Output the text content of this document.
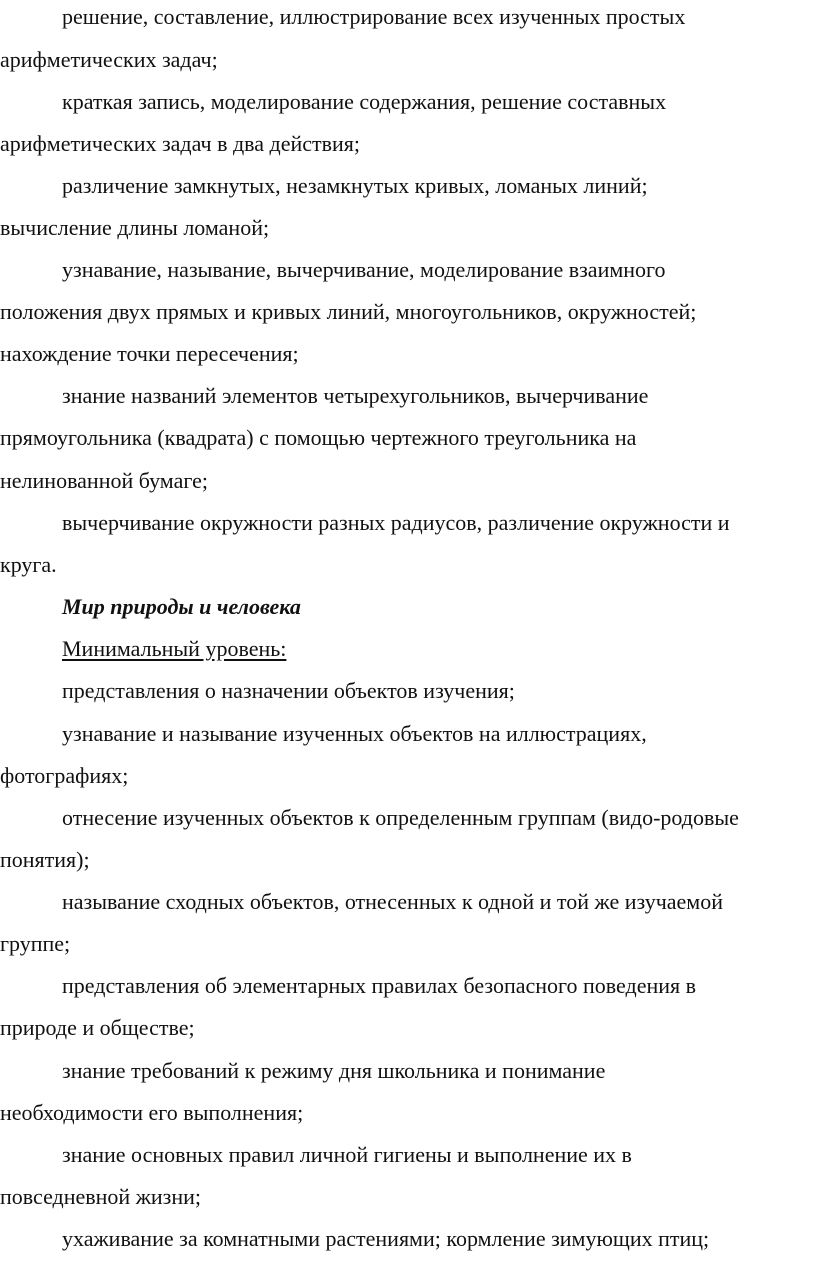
решение, составление, иллюстрирование всех изученных простых
арифметических задач;
краткая запись, моделирование содержания, решение составных
арифметических задач в два действия;
различение замкнутых, незамкнутых кривых, ломаных линий;
вычисление длины ломаной;
узнавание, называние, вычерчивание, моделирование взаимного
положения двух прямых и кривых линий, многоугольников, окружностей;
нахождение точки пересечения;
знание названий элементов четырехугольников, вычерчивание
прямоугольника (квадрата) с помощью чертежного треугольника на
нелинованной бумаге;
вычерчивание окружности разных радиусов, различение окружности и
круга.
Мир природы и человека
Минимальный уровень:
представления о назначении объектов изучения;
узнавание и называние изученных объектов на иллюстрациях,
фотографиях;
отнесение изученных объектов к определенным группам (видо-родовые
понятия);
называние сходных объектов, отнесенных к одной и той же изучаемой
группе;
представления об элементарных правилах безопасного поведения в
природе и обществе;
знание требований к режиму дня школьника и понимание
необходимости его выполнения;
знание основных правил личной гигиены и выполнение их в
повседневной жизни;
ухаживание за комнатными растениями; кормление зимующих птиц;
